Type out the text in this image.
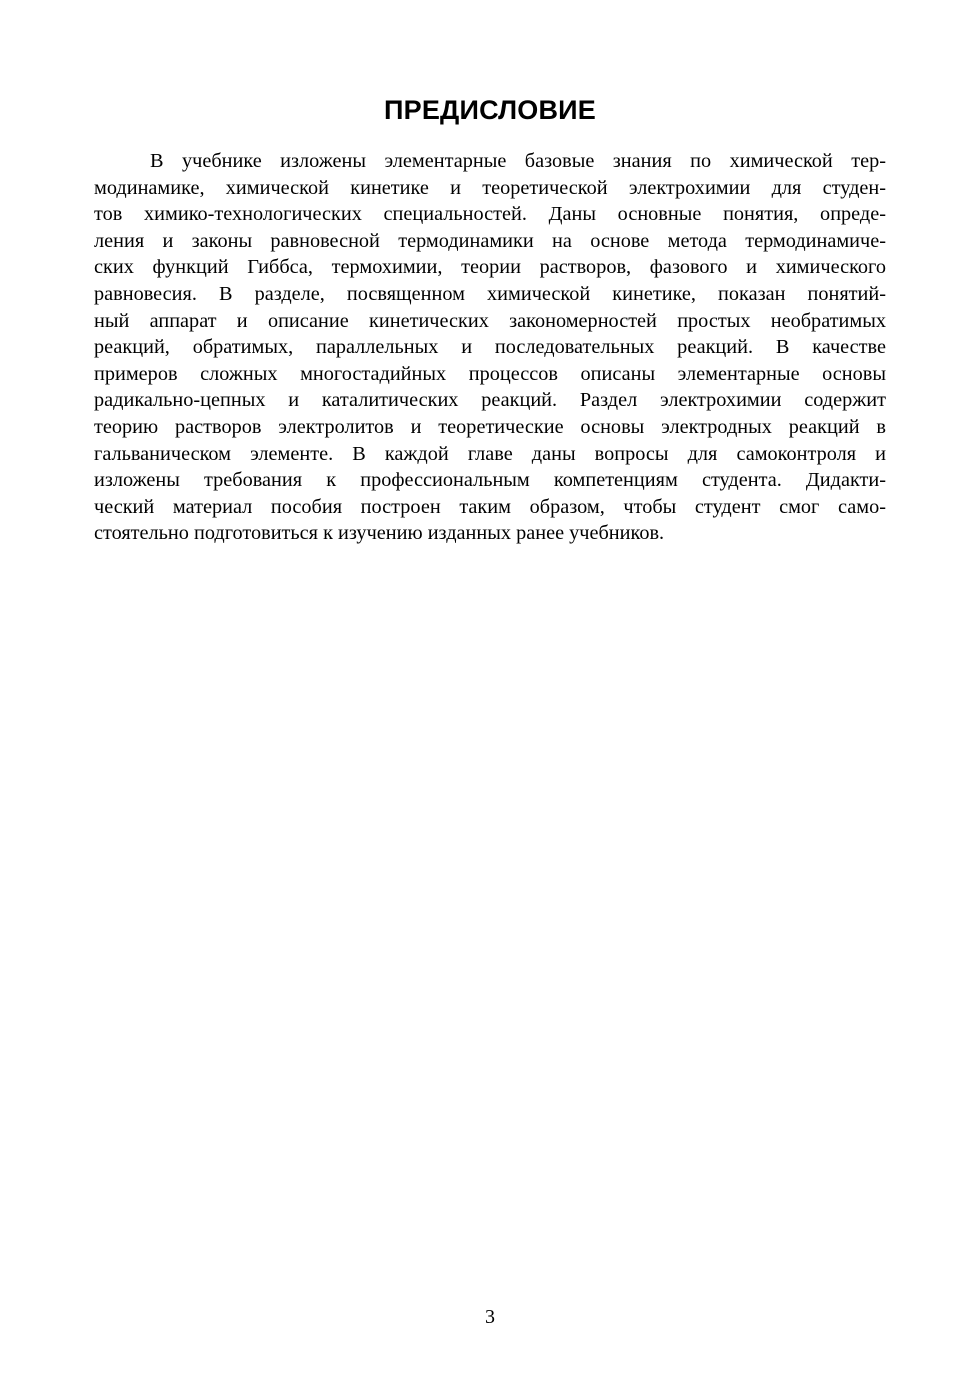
ПРЕДИСЛОВИЕ
В учебнике изложены элементарные базовые знания по химической тер-
модинамике, химической кинетике и теоретической электрохимии для студен-
тов химико-технологических специальностей. Даны основные понятия, опреде-
ления и законы равновесной термодинамики на основе метода термодинамиче-
ских функций Гиббса, термохимии, теории растворов, фазового и химического
равновесия. В разделе, посвященном химической кинетике, показан понятий-
ный аппарат и описание кинетических закономерностей простых необратимых
реакций, обратимых, параллельных и последовательных реакций. В качестве
примеров сложных многостадийных процессов описаны элементарные основы
радикально-цепных и каталитических реакций. Раздел электрохимии содержит
теорию растворов электролитов и теоретические основы электродных реакций в
гальваническом элементе. В каждой главе даны вопросы для самоконтроля и
изложены требования к профессиональным компетенциям студента. Дидакти-
ческий материал пособия построен таким образом, чтобы студент смог само-
стоятельно подготовиться к изучению изданных ранее учебников.
3
